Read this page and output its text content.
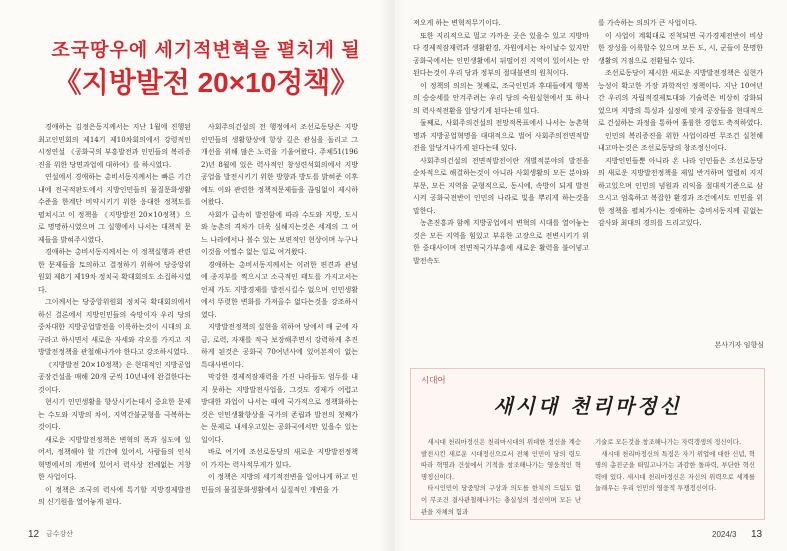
조국땅우에 세기적변혁을 펼치게 될
《지방발전 20×10정책》

경애하는 김정은동지께서는 지난 1월에 진행된 최고인민회의 제14기 제10차회의에서 강령적인 시정연설 《공화국의 부흥발전과 인민들의 복리증진을 위한 당면과업에 대하여》를 하시였다.

연설에서 경애하는 총비서동지께서는 빠른 기간내에 전국적판도에서 지방인민들의 물질문화생활수준을 한계단 비약시키기 위한 응대한 정책도를 펼쳐시고 이 정책을 《지방발전 20×10정책》으로 명명하시였으며 그 실행에서 나서는 대책적 문제들을 밝혀주시였다.

경애하는 총비서동지께서는 이 정책실행과 관련한 문제들을 토의하고 결정하기 위하여 당중앙위원회 제8기 제19차 정치국 확대회의도 소집하시였다.

그이께서는 당중앙위원회 정치국 확대회의에서 하신 결론에서 지방인민들의 숙망이자 우리 당의 중차대한 지방공업발전을 이룩하는것이 시대의 요구라고 하시면서 새로운 자세와 각오를 가지고 지방발전정책을 관철해나가야 한다고 강조하시였다.

《지방발전 20×10정책》은 현대적인 지방공업공장건설을 매해 20개 군씩 10년내에 완결한다는것이다.

현시기 인민생활을 향상시키는데서 중요한 문제는 수도와 지방의 차이, 지역간불균형을 극복하는것이다.

새로운 지방발전정책은 변혁의 폭과 심도에 있어서, 정책해야 할 기간에 있어서, 사람들의 인식혁명에서의 개변에 있어서 력사상 전례없는 거창한 사업이다.

이 정책은 조국의 력사에 특기할 지방경제발전의 신기원을 열어놓게 된다.

사회주의건설의 전 행정에서 조선로동당은 지방인민들의 생활향상에 항상 깊은 관심을 돌리고 그 개선을 위해 많은 노력을 기울여왔다. 주체51(1962)년 8월에 있은 력사적인 창성련석회의에서 지방공업을 발전시키기 위한 방향과 방도를 밝혀준 이후에도 이와 관련한 정책적문제들을 끊임없이 제시하여왔다.

사회가 급속히 발전함에 따라 수도와 지방, 도시와 농촌의 격차가 더욱 심해지는것은 세계의 그 어느 나라에서나 볼수 있는 보편적인 현상이며 누구나 이것을 어쩔수 없는 일로 여겨왔다.

경애하는 총비서동지께서는 이러한 편견과 관념에 종지부를 찍으시고 소극적인 태도를 가지고서는 언제 가도 지방경제를 발전시킬수 없으며 인민생활에서 뚜렷한 변화를 가져올수 없다는것을 강조하시였다.

지방발전정책의 실현을 위하여 당에서 매 군에 자금, 로력, 자재를 적극 보장해주면서 강력하게 추진하게 된것은 공화국 70여년사에 있어본적이 없는 특대사변이다.

막강한 경제적잠재력을 가진 나라들도 엄두를 내지 못하는 지방발전사업을, 그것도 경제가 어렵고 방대한 과업이 나서는 때에 국가적으로 정책화하는것은 인민생활향상을 국가의 존립과 발전의 첫째가는 문제로 내세우고있는 공화국에서만 있을수 있는 일이다.

바로 여기에 조선로동당의 새로운 지방발전정책이 가지는 력사적무게가 있다.

이 정책은 지방의 세기적전변을 일어나게 하고 인민들의 물질문화생활에서 실질적인 개변을 가

12 금수강산

져오게 하는 변혁적무기이다.

또한 지리적으로 멀고 가까운 곳은 있을수 있고 지방마다 경제적잠재력과 생활환경, 자원에서는 차이날수 있지만 공화국에서는 인민생활에서 뒤떨어진 지역이 있어서는 안된다는것이 우리 당과 정부의 절대불변의 원칙이다.

이 정책의 의의는 첫째로, 조국인민과 후대들에게 행복의 승승세를 안겨주려는 우리 당의 숙원실현에서 또 하나의 력사적전환을 앞당기게 된다는데 있다.

둘째로, 사회주의건설의 전망적목표에서 나서는 농촌혁명과 지방공업혁명을 대대적으로 벌여 사회주의전면적발전을 앞당겨나가게 된다는데 있다.

사회주의건설의 전면적발전이란 개별적분야의 발전을 순차적으로 해결하는것이 아니라 사회생활의 모든 분야와 부문, 모든 지역을 균형적으로, 동시에, 속방이 되게 발전시켜 공화국전반이 인민의 나라로 빛을 뿌리게 하는것을 말한다.

농촌진흥과 함께 지방공업에서 변혁의 시대를 열어놓는것은 모든 지역을 힘있고 부유한 고장으로 전변시키기 위한 중대사이며 전면적국가부흥에 새로운 활력을 불어넣고 발전속도

를 가속하는 의의가 큰 사업이다.

이 사업이 계획대로 진척되면 국가경제전반이 비상한 장성을 이룩할수 있으며 모든 도, 시, 군들이 문명한 생활의 거점으로 전환될수 있다.

조선로동당이 제시한 새로운 지방발전정책은 실현가능성이 확고한 가장 과학적인 정책이다. 지난 10여년간 우리의 자립적경제토대와 기술력은 비상히 강화되었으며 지방의 특성과 실정에 맞게 공장들을 현대적으로 건설하는 과정을 통하여 훌륭한 경험도 축적하였다.

인민의 복리증진을 위한 사업이라면 무조건 실천해내고마는것은 조선로동당의 창조정신이다.

지방인민들뿐 아니라 온 나라 인민들은 조선로동당의 새로운 지방발전정책을 제일 반겨하며 열렬히 지지하고있으며 인민의 념원과 리익을 절대적기준으로 삼으시고 엄혹하고 복잡한 환경과 조건에서도 인민을 위한 정책을 펼쳐가시는 경애하는 총비서동지께 끝없는 감사와 최대의 경의를 드리고있다.

본사기자 임향심
시대어
새시대 천리마정신

새시대 천리마정신은 천리마시대의 위대한 정신을 계승발전시킨 새로운 시대정신으로서 전체 인민이 당의 령도따라 혁명과 건설에서 기적을 창조해나가는 영웅적인 혁명정신이다.

타시인민이 당중앙의 구상과 의도를 한치의 드팀도 없이 무조건 결사관철해나가는 충실성의 정신이며 모든 난관을 자체의 힘과

기술로 모든것을 창조해나가는 자력갱생의 정신이다.

새시대 천리마정신의 특징은 자기 위업에 대한 신념, 혁명의 총진군을 떠밀고나가는 과감한 돌파력, 부단한 혁신력에 있다. 새시대 천리마정신은 자신의 위력으로 세계를 놀래우는 우리 인민의 영웅적 투쟁정신이다.

2024/3 13
